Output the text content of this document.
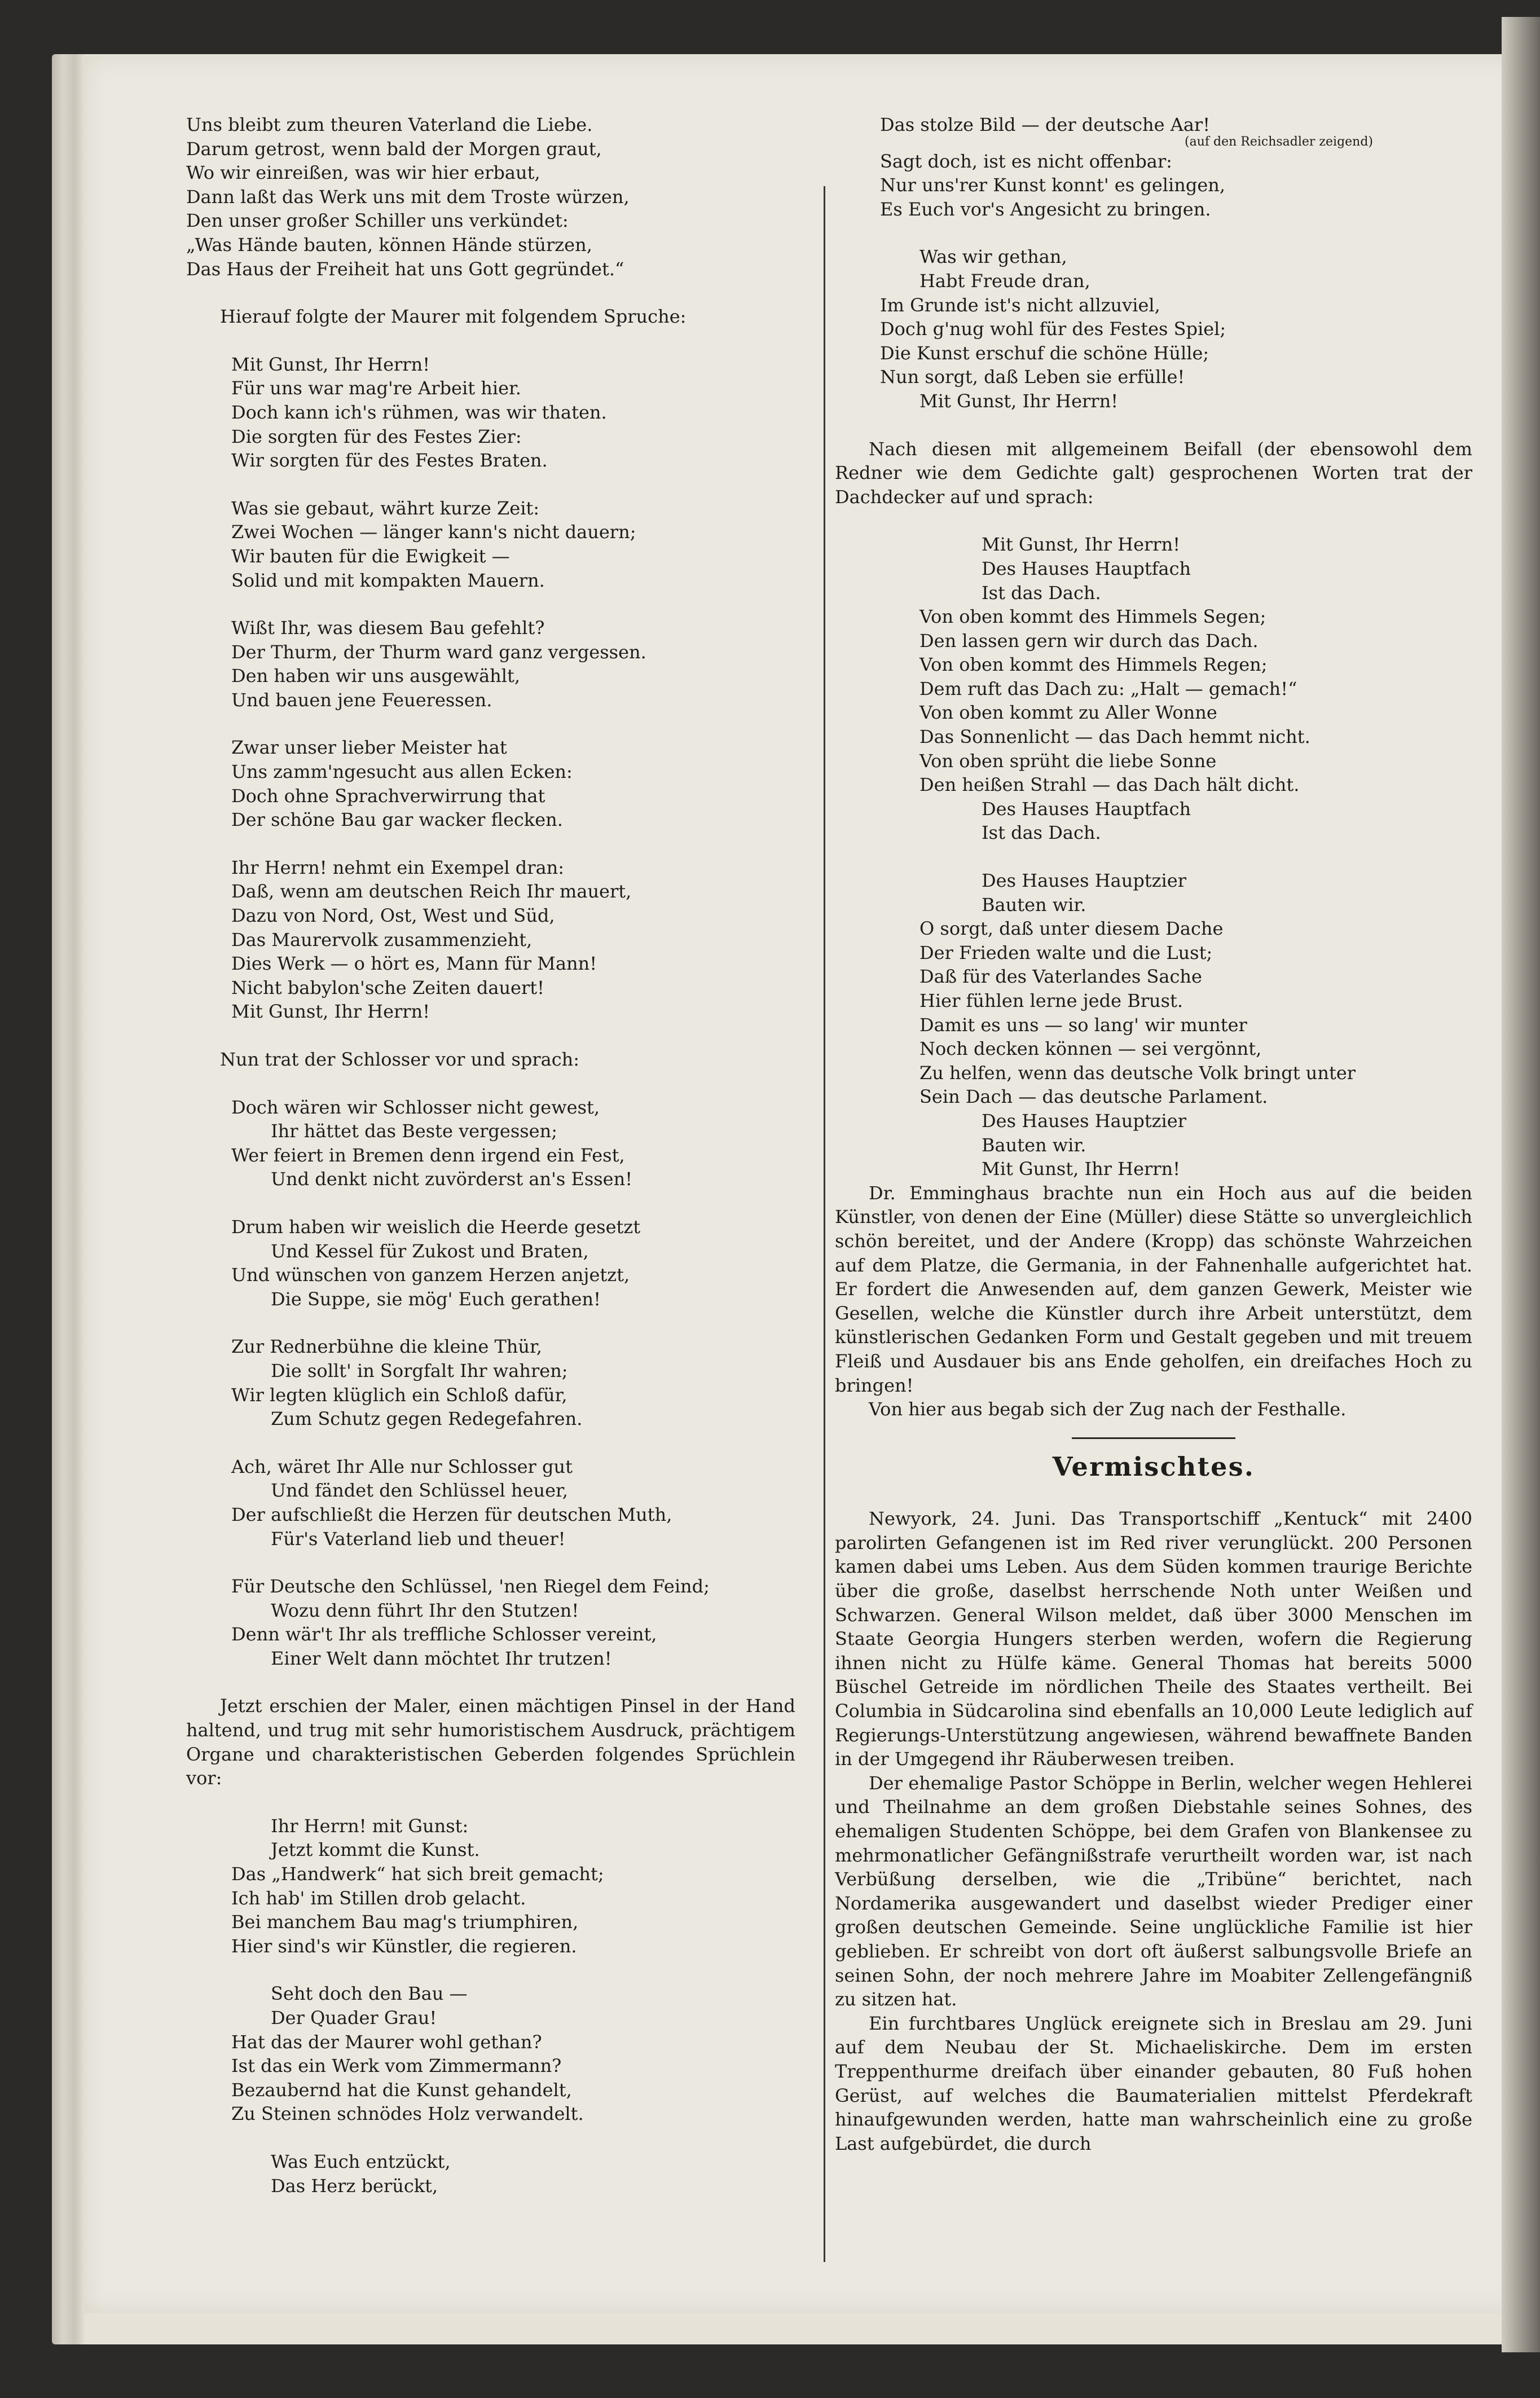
Uns bleibt zum theuren Vaterland die Liebe.
Darum getrost, wenn bald der Morgen graut,
Wo wir einreißen, was wir hier erbaut,
Dann laßt das Werk uns mit dem Troste würzen,
Den unser großer Schiller uns verkündet:
„Was Hände bauten, können Hände stürzen,
Das Haus der Freiheit hat uns Gott gegründet.“
Hierauf folgte der Maurer mit folgendem Spruche:
Mit Gunst, Ihr Herrn!
Für uns war mag're Arbeit hier.
Doch kann ich's rühmen, was wir thaten.
Die sorgten für des Festes Zier:
Wir sorgten für des Festes Braten.
Was sie gebaut, währt kurze Zeit:
Zwei Wochen — länger kann's nicht dauern;
Wir bauten für die Ewigkeit —
Solid und mit kompakten Mauern.
Wißt Ihr, was diesem Bau gefehlt?
Der Thurm, der Thurm ward ganz vergessen.
Den haben wir uns ausgewählt,
Und bauen jene Feueressen.
Zwar unser lieber Meister hat
Uns zamm'ngesucht aus allen Ecken:
Doch ohne Sprachverwirrung that
Der schöne Bau gar wacker flecken.
Ihr Herrn! nehmt ein Exempel dran:
Daß, wenn am deutschen Reich Ihr mauert,
Dazu von Nord, Ost, West und Süd,
Das Maurervolk zusammenzieht,
Dies Werk — o hört es, Mann für Mann!
Nicht babylon'sche Zeiten dauert!
Mit Gunst, Ihr Herrn!
Nun trat der Schlosser vor und sprach:
Doch wären wir Schlosser nicht gewest,
Ihr hättet das Beste vergessen;
Wer feiert in Bremen denn irgend ein Fest,
Und denkt nicht zuvörderst an's Essen!
Drum haben wir weislich die Heerde gesetzt
Und Kessel für Zukost und Braten,
Und wünschen von ganzem Herzen anjetzt,
Die Suppe, sie mög' Euch gerathen!
Zur Rednerbühne die kleine Thür,
Die sollt' in Sorgfalt Ihr wahren;
Wir legten klüglich ein Schloß dafür,
Zum Schutz gegen Redegefahren.
Ach, wäret Ihr Alle nur Schlosser gut
Und fändet den Schlüssel heuer,
Der aufschließt die Herzen für deutschen Muth,
Für's Vaterland lieb und theuer!
Für Deutsche den Schlüssel, 'nen Riegel dem Feind;
Wozu denn führt Ihr den Stutzen!
Denn wär't Ihr als treffliche Schlosser vereint,
Einer Welt dann möchtet Ihr trutzen!
Jetzt erschien der Maler, einen mächtigen Pinsel in der Hand haltend, und trug mit sehr humoristischem Ausdruck, prächtigem Organe und charakteristischen Geberden folgendes Sprüchlein vor:
Ihr Herrn! mit Gunst:
Jetzt kommt die Kunst.
Das „Handwerk“ hat sich breit gemacht;
Ich hab' im Stillen drob gelacht.
Bei manchem Bau mag's triumphiren,
Hier sind's wir Künstler, die regieren.
Seht doch den Bau —
Der Quader Grau!
Hat das der Maurer wohl gethan?
Ist das ein Werk vom Zimmermann?
Bezaubernd hat die Kunst gehandelt,
Zu Steinen schnödes Holz verwandelt.
Was Euch entzückt,
Das Herz berückt,
Das stolze Bild — der deutsche Aar!
(auf den Reichsadler zeigend)
Sagt doch, ist es nicht offenbar:
Nur uns'rer Kunst konnt' es gelingen,
Es Euch vor's Angesicht zu bringen.
Was wir gethan,
Habt Freude dran,
Im Grunde ist's nicht allzuviel,
Doch g'nug wohl für des Festes Spiel;
Die Kunst erschuf die schöne Hülle;
Nun sorgt, daß Leben sie erfülle!
Mit Gunst, Ihr Herrn!
Nach diesen mit allgemeinem Beifall (der ebensowohl dem Redner wie dem Gedichte galt) gesprochenen Worten trat der Dachdecker auf und sprach:
Mit Gunst, Ihr Herrn!
Des Hauses Hauptfach
Ist das Dach.
Von oben kommt des Himmels Segen;
Den lassen gern wir durch das Dach.
Von oben kommt des Himmels Regen;
Dem ruft das Dach zu: „Halt — gemach!“
Von oben kommt zu Aller Wonne
Das Sonnenlicht — das Dach hemmt nicht.
Von oben sprüht die liebe Sonne
Den heißen Strahl — das Dach hält dicht.
Des Hauses Hauptfach
Ist das Dach.
Des Hauses Hauptzier
Bauten wir.
O sorgt, daß unter diesem Dache
Der Frieden walte und die Lust;
Daß für des Vaterlandes Sache
Hier fühlen lerne jede Brust.
Damit es uns — so lang' wir munter
Noch decken können — sei vergönnt,
Zu helfen, wenn das deutsche Volk bringt unter
Sein Dach — das deutsche Parlament.
Des Hauses Hauptzier
Bauten wir.
Mit Gunst, Ihr Herrn!
Dr. Emminghaus brachte nun ein Hoch aus auf die beiden Künstler, von denen der Eine (Müller) diese Stätte so unvergleichlich schön bereitet, und der Andere (Kropp) das schönste Wahrzeichen auf dem Platze, die Germania, in der Fahnenhalle aufgerichtet hat. Er fordert die Anwesenden auf, dem ganzen Gewerk, Meister wie Gesellen, welche die Künstler durch ihre Arbeit unterstützt, dem künstlerischen Gedanken Form und Gestalt gegeben und mit treuem Fleiß und Ausdauer bis ans Ende geholfen, ein dreifaches Hoch zu bringen!
Von hier aus begab sich der Zug nach der Festhalle.
Vermischtes.
Newyork, 24. Juni. Das Transportschiff „Kentuck“ mit 2400 parolirten Gefangenen ist im Red river verunglückt. 200 Personen kamen dabei ums Leben. Aus dem Süden kommen traurige Berichte über die große, daselbst herrschende Noth unter Weißen und Schwarzen. General Wilson meldet, daß über 3000 Menschen im Staate Georgia Hungers sterben werden, wofern die Regierung ihnen nicht zu Hülfe käme. General Thomas hat bereits 5000 Büschel Getreide im nördlichen Theile des Staates vertheilt. Bei Columbia in Südcarolina sind ebenfalls an 10,000 Leute lediglich auf Regierungs-Unterstützung angewiesen, während bewaffnete Banden in der Umgegend ihr Räuberwesen treiben.
Der ehemalige Pastor Schöppe in Berlin, welcher wegen Hehlerei und Theilnahme an dem großen Diebstahle seines Sohnes, des ehemaligen Studenten Schöppe, bei dem Grafen von Blankensee zu mehrmonatlicher Gefängnißstrafe verurtheilt worden war, ist nach Verbüßung derselben, wie die „Tribüne“ berichtet, nach Nordamerika ausgewandert und daselbst wieder Prediger einer großen deutschen Gemeinde. Seine unglückliche Familie ist hier geblieben. Er schreibt von dort oft äußerst salbungsvolle Briefe an seinen Sohn, der noch mehrere Jahre im Moabiter Zellengefängniß zu sitzen hat.
Ein furchtbares Unglück ereignete sich in Breslau am 29. Juni auf dem Neubau der St. Michaeliskirche. Dem im ersten Treppenthurme dreifach über einander gebauten, 80 Fuß hohen Gerüst, auf welches die Baumaterialien mittelst Pferdekraft hinaufgewunden werden, hatte man wahrscheinlich eine zu große Last aufgebürdet, die durch
